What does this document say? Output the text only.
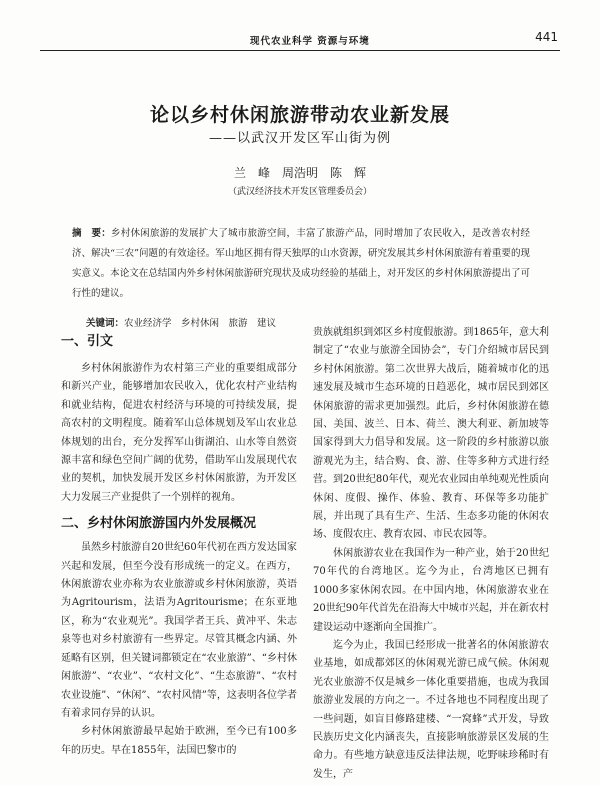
现代农业科学 资源与环境	441
论以乡村休闲旅游带动农业新发展
——以武汉开发区军山街为例
兰　峰　周浩明　陈　辉
（武汉经济技术开发区管理委员会）
摘　要：乡村休闲旅游的发展扩大了城市旅游空间，丰富了旅游产品，同时增加了农民收入，是改善农村经济、解决“三农”问题的有效途径。军山地区拥有得天独厚的山水资源，研究发展其乡村休闲旅游有着重要的现实意义。本论文在总结国内外乡村休闲旅游研究现状及成功经验的基础上，对开发区的乡村休闲旅游提出了可行性的建议。
关键词：农业经济学　乡村休闲　旅游　建议
一、引文

乡村休闲旅游作为农村第三产业的重要组成部分和新兴产业，能够增加农民收入，优化农村产业结构和就业结构，促进农村经济与环境的可持续发展，提高农村的文明程度。随着军山总体规划及军山农业总体规划的出台，充分发挥军山街湖泊、山水等自然资源丰富和绿色空间广阔的优势，借助军山发展现代农业的契机，加快发展开发区乡村休闲旅游，为开发区大力发展三产业提供了一个别样的视角。

二、乡村休闲旅游国内外发展概况

虽然乡村旅游自20世纪60年代初在西方发达国家兴起和发展，但至今没有形成统一的定义。在西方，休闲旅游农业亦称为农业旅游或乡村休闲旅游，英语为Agritourism，法语为Agritourisme；在东亚地区，称为“农业观光”。我国学者王兵、黄冲平、朱志泉等也对乡村旅游有一些界定。尽管其概念内涵、外延略有区别，但关键词都锁定在“农业旅游”、“乡村休闲旅游”、“农业”、“农村文化”、“生态旅游”、“农村农业设施”、“休闲”、“农村风情”等，这表明各位学者有着求同存异的认识。

乡村休闲旅游最早起始于欧洲，至今已有100多年的历史。早在1855年，法国巴黎市的

贵族就组织到郊区乡村度假旅游。到1865年，意大利制定了“农业与旅游全国协会”，专门介绍城市居民到乡村休闲旅游。第二次世界大战后，随着城市化的迅速发展及城市生态环境的日趋恶化，城市居民到郊区休闲旅游的需求更加强烈。此后，乡村休闲旅游在德国、美国、波兰、日本、荷兰、澳大利亚、新加坡等国家得到大力倡导和发展。这一阶段的乡村旅游以旅游观光为主，结合购、食、游、住等多种方式进行经营。到20世纪80年代，观光农业园由单纯观光性质向休闲、度假、操作、体验、教育、环保等多功能扩展，并出现了具有生产、生活、生态多功能的休闲农场、度假农庄、教育农园、市民农园等。

休闲旅游农业在我国作为一种产业，始于20世纪70年代的台湾地区。迄今为止，台湾地区已拥有1000多家休闲农园。在中国内地，休闲旅游农业在20世纪90年代首先在沿海大中城市兴起，并在新农村建设运动中逐渐向全国推广。

迄今为止，我国已经形成一批著名的休闲旅游农业基地，如成都郊区的休闲观光游已成气候。休闲观光农业旅游不仅是城乡一体化重要措施，也成为我国旅游业发展的方向之一。不过各地也不同程度出现了一些问题，如盲目修路建楼、“一窝蜂”式开发，导致民族历史文化内涵丧失，直接影响旅游景区发展的生命力。有些地方缺意违反法律法规，吃野味珍稀时有发生，产
